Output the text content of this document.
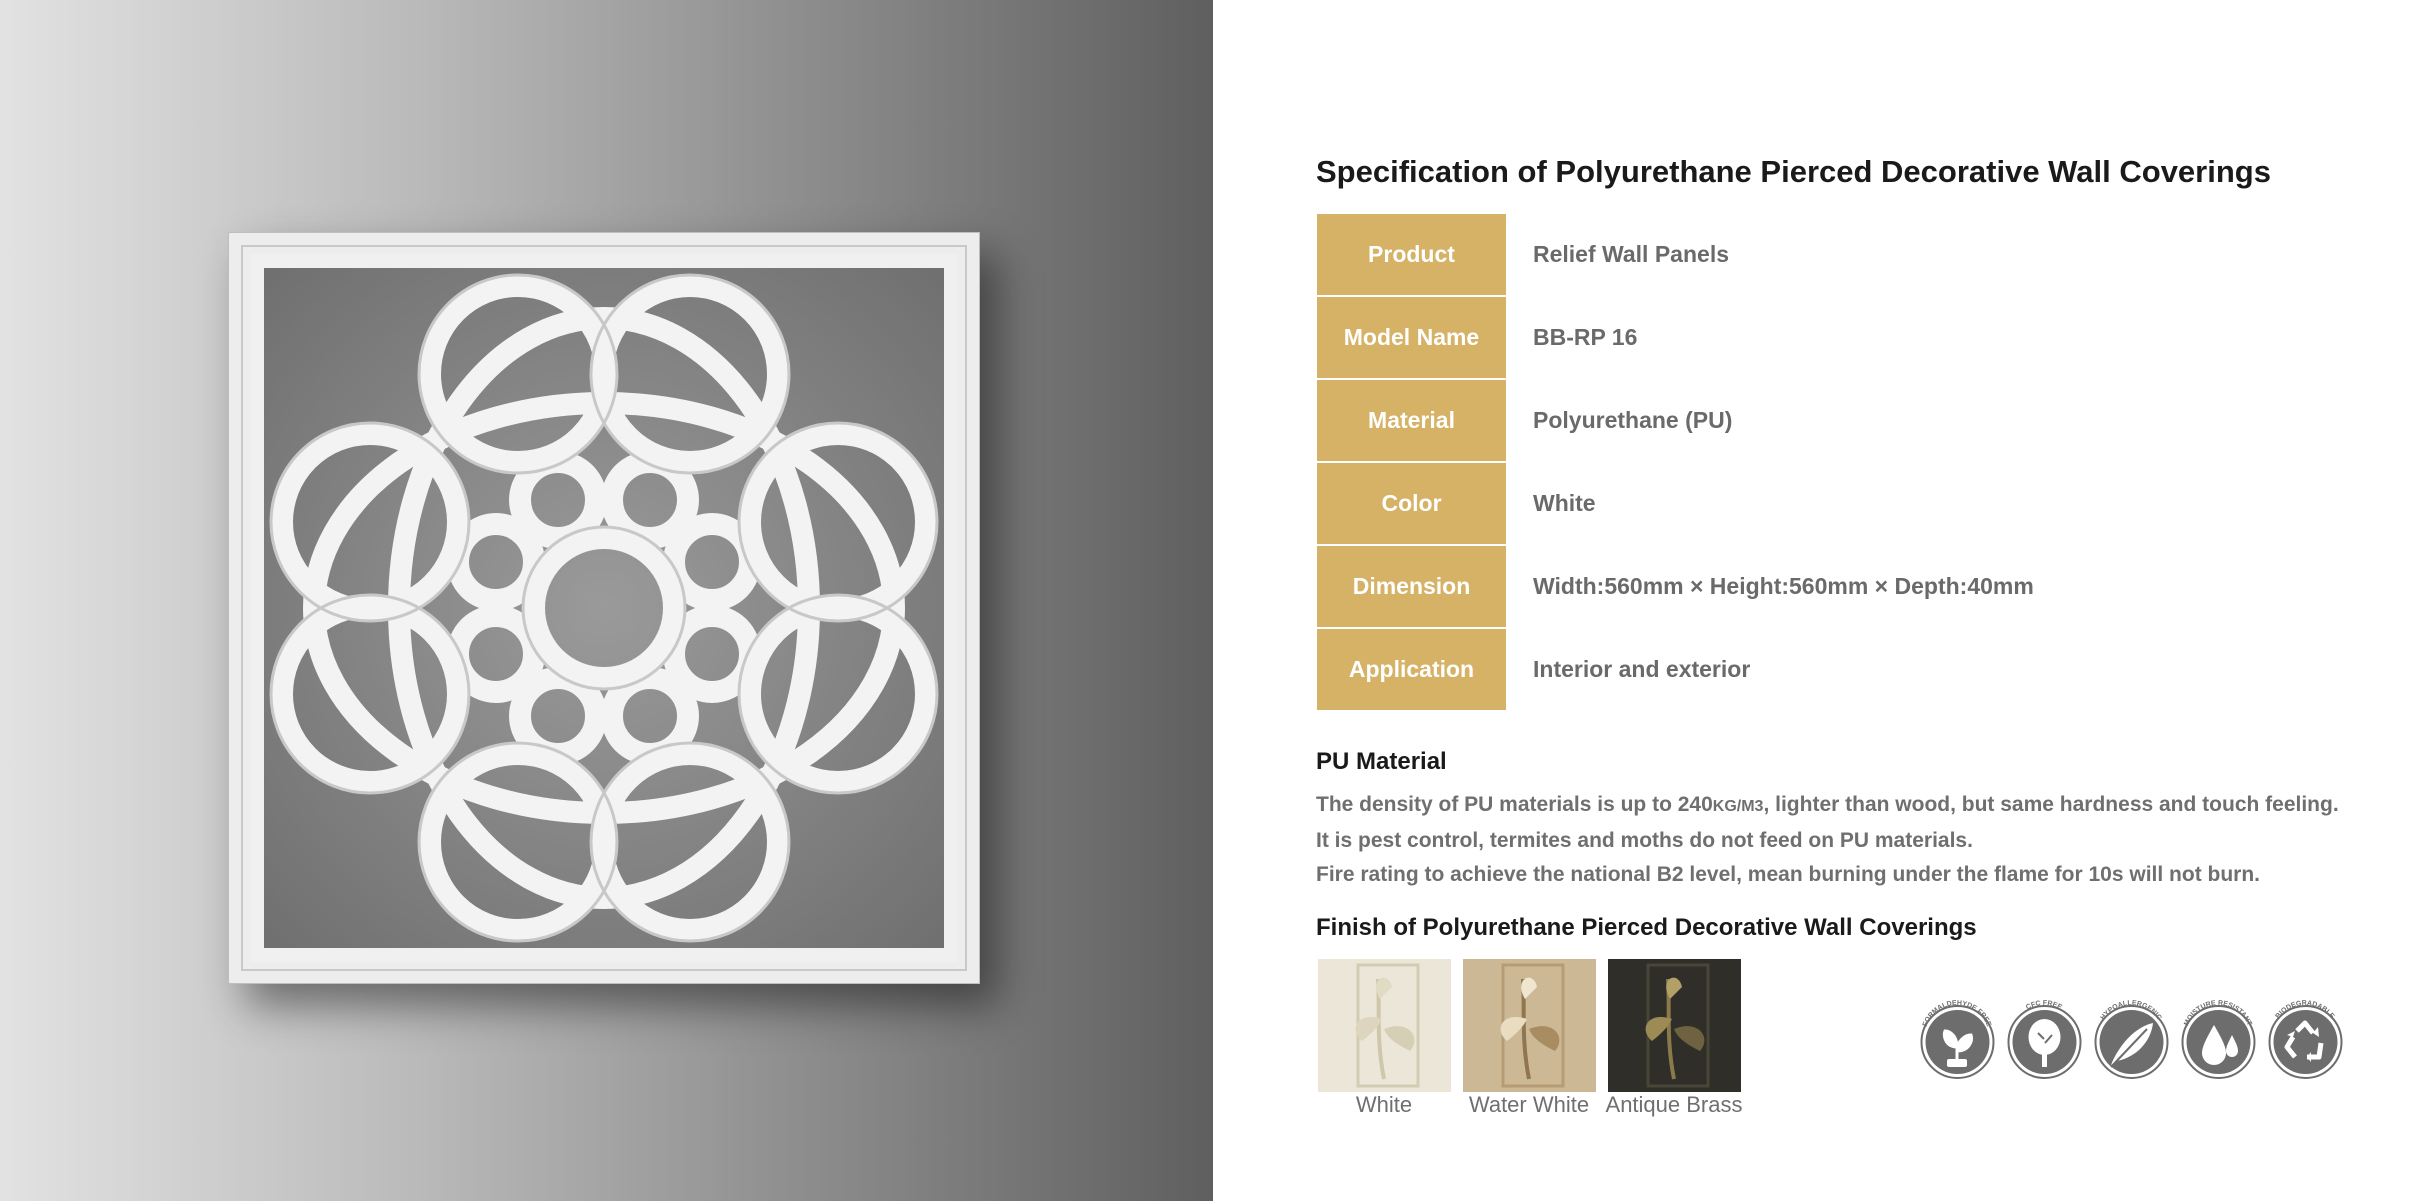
Specification of Polyurethane Pierced Decorative Wall Coverings
Product	Relief Wall Panels
Model Name	BB-RP 16
Material	Polyurethane (PU)
Color	White
Dimension	Width:560mm × Height:560mm × Depth:40mm
Application	Interior and exterior
PU Material
The density of PU materials is up to 240KG/M3, lighter than wood, but same hardness and touch feeling.
It is pest control, termites and moths do not feed on PU materials.
Fire rating to achieve the national B2 level, mean burning under the flame for 10s will not burn.
Finish of Polyurethane Pierced Decorative Wall Coverings
White	Water White Antique Brass
FORMALDEHYDE FREE
CFC FREE
HYPOALLERGENIC
MOISTURE RESISTANT
BIODEGRADABLE
